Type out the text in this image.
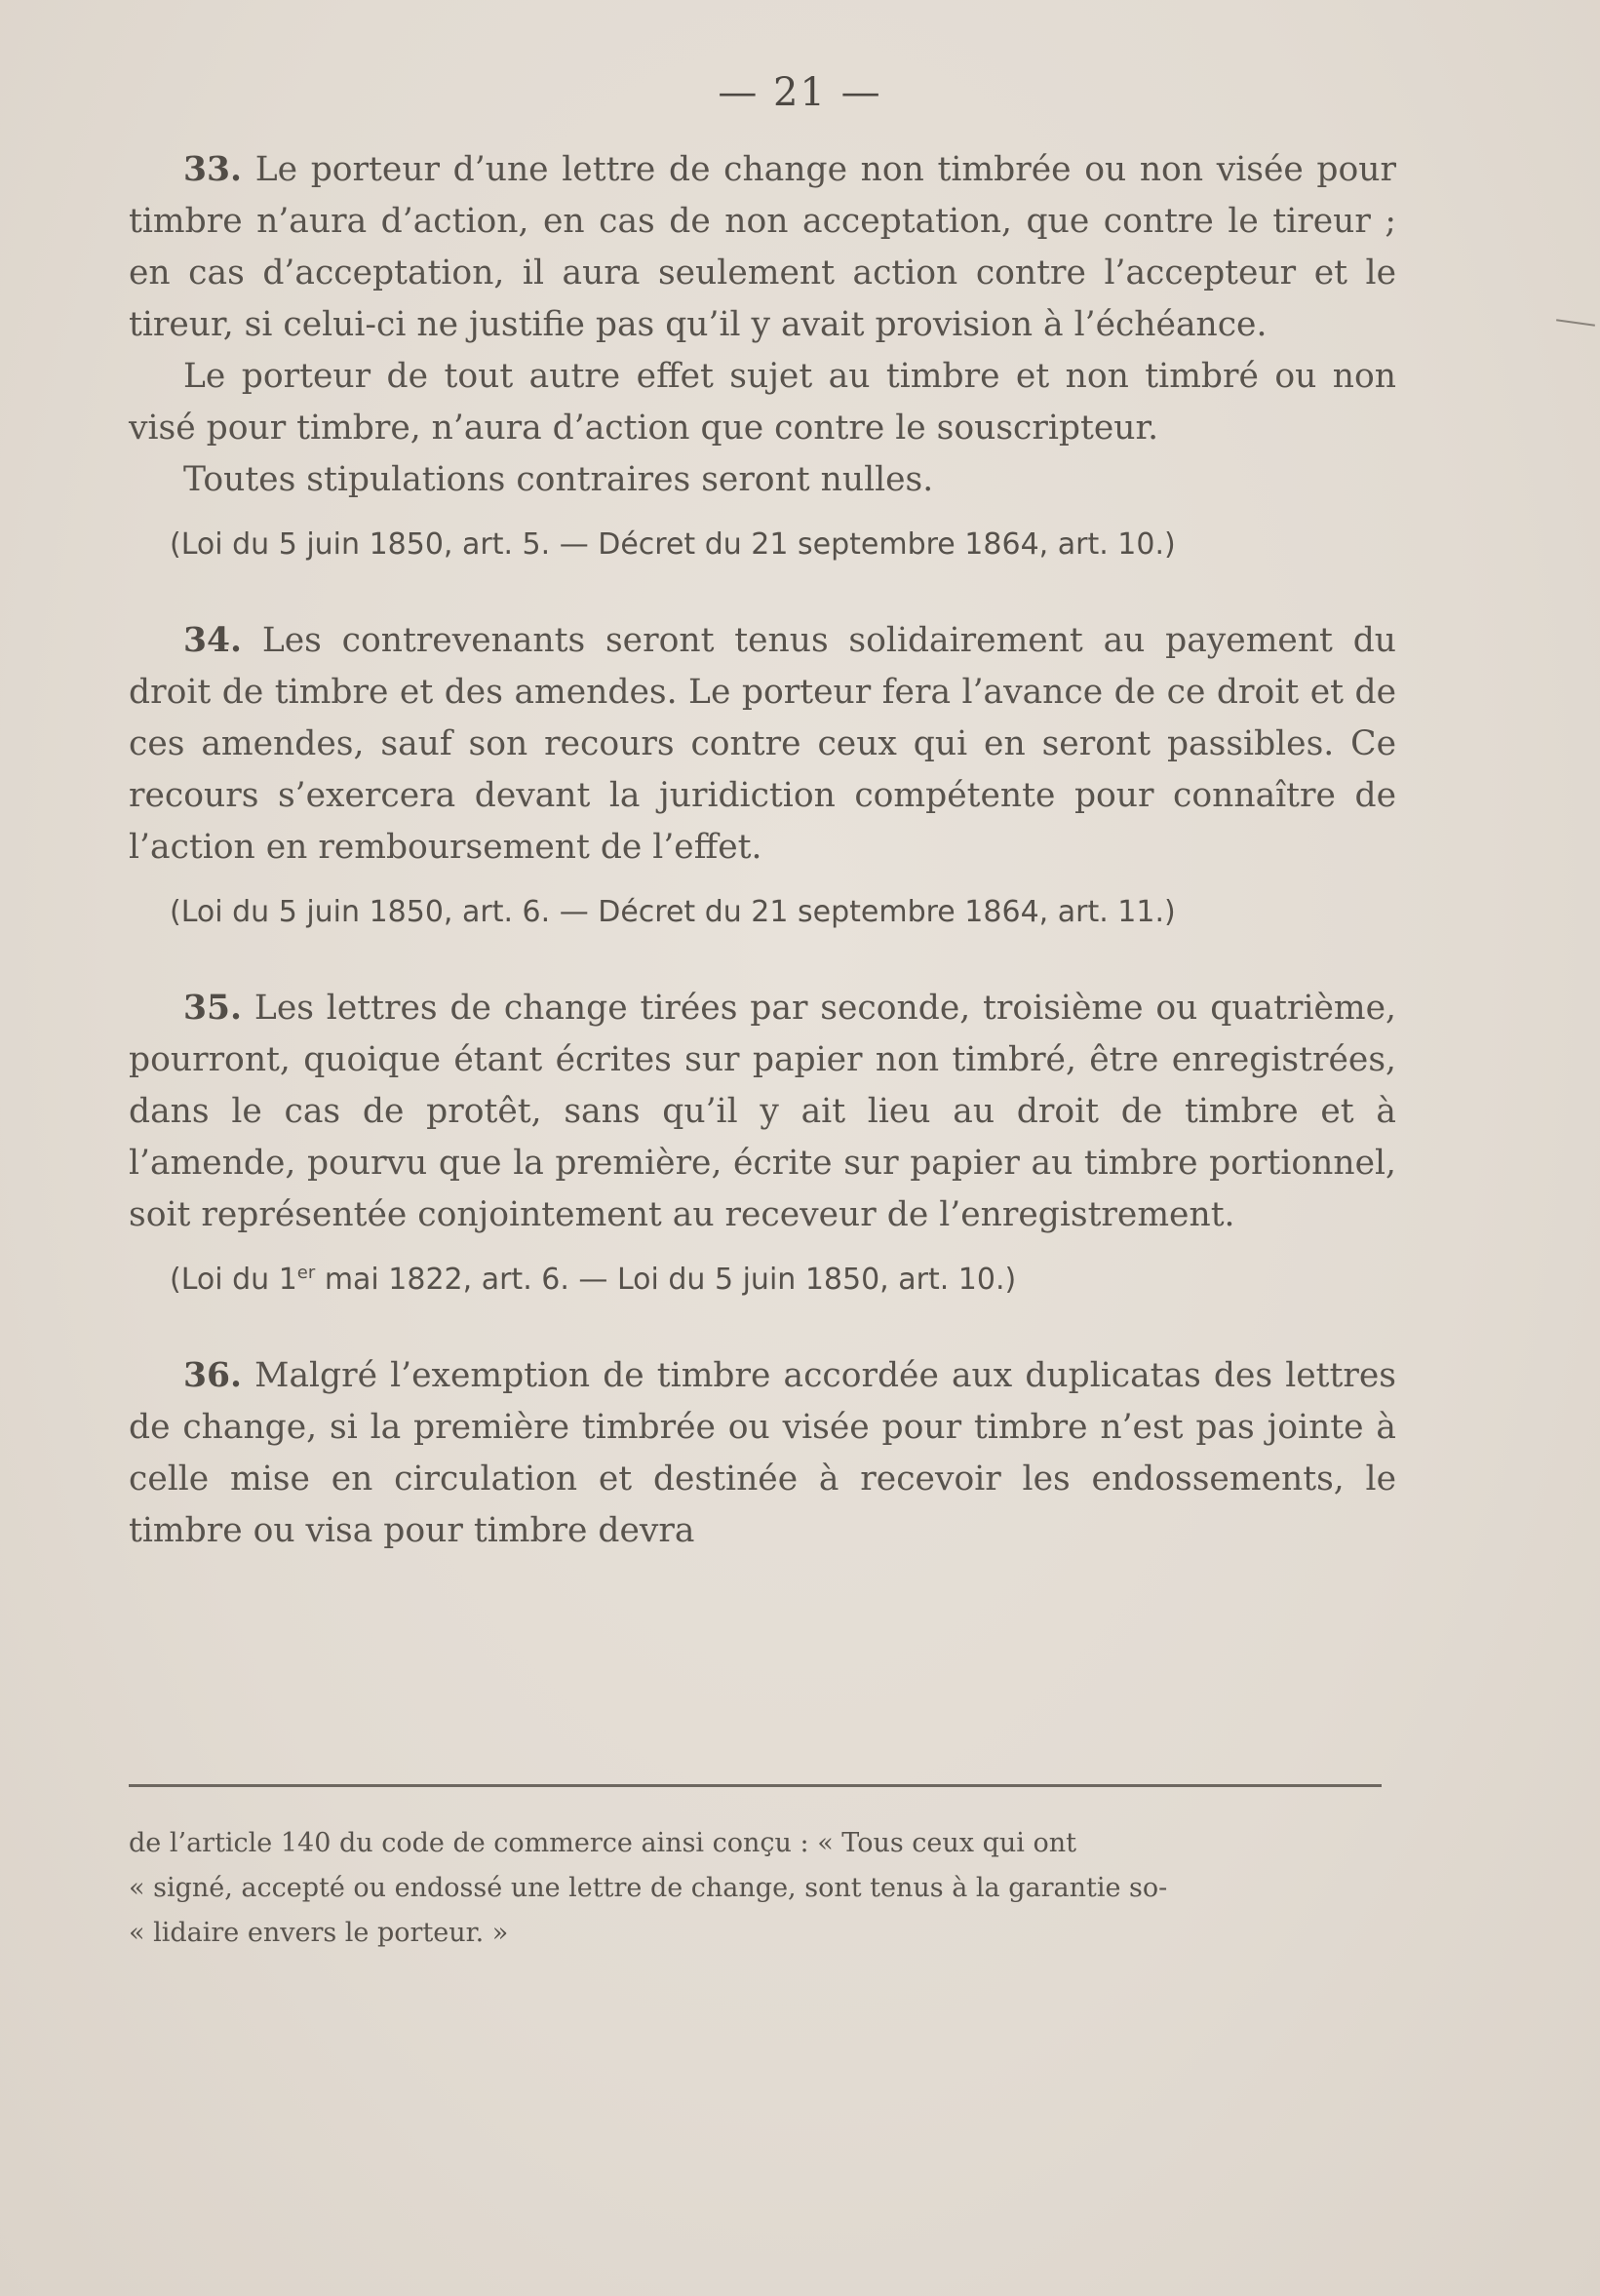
— 21 —

33. Le porteur d’une lettre de change non timbrée ou non visée pour timbre n’aura d’action, en cas de non acceptation, que contre le tireur ; en cas d’acceptation, il aura seulement action contre l’accepteur et le tireur, si celui-ci ne justifie pas qu’il y avait provision à l’échéance.

Le porteur de tout autre effet sujet au timbre et non timbré ou non visé pour timbre, n’aura d’action que contre le souscripteur.

Toutes stipulations contraires seront nulles.

(Loi du 5 juin 1850, art. 5. — Décret du 21 septembre 1864, art. 10.)

34. Les contrevenants seront tenus solidairement au payement du droit de timbre et des amendes. Le porteur fera l’avance de ce droit et de ces amendes, sauf son recours contre ceux qui en seront passibles. Ce recours s’exercera devant la juridiction compétente pour connaître de l’action en remboursement de l’effet.

(Loi du 5 juin 1850, art. 6. — Décret du 21 septembre 1864, art. 11.)

35. Les lettres de change tirées par seconde, troisième ou quatrième, pourront, quoique étant écrites sur papier non timbré, être enregistrées, dans le cas de protêt, sans qu’il y ait lieu au droit de timbre et à l’amende, pourvu que la première, écrite sur papier au timbre portionnel, soit représentée conjointement au receveur de l’enregistrement.

(Loi du 1er mai 1822, art. 6. — Loi du 5 juin 1850, art. 10.)

36. Malgré l’exemption de timbre accordée aux duplicatas des lettres de change, si la première timbrée ou visée pour timbre n’est pas jointe à celle mise en circulation et destinée à recevoir les endossements, le timbre ou visa pour timbre devra

de l’article 140 du code de commerce ainsi conçu : « Tous ceux qui ont

« signé, accepté ou endossé une lettre de change, sont tenus à la garantie so-

« lidaire envers le porteur. »
